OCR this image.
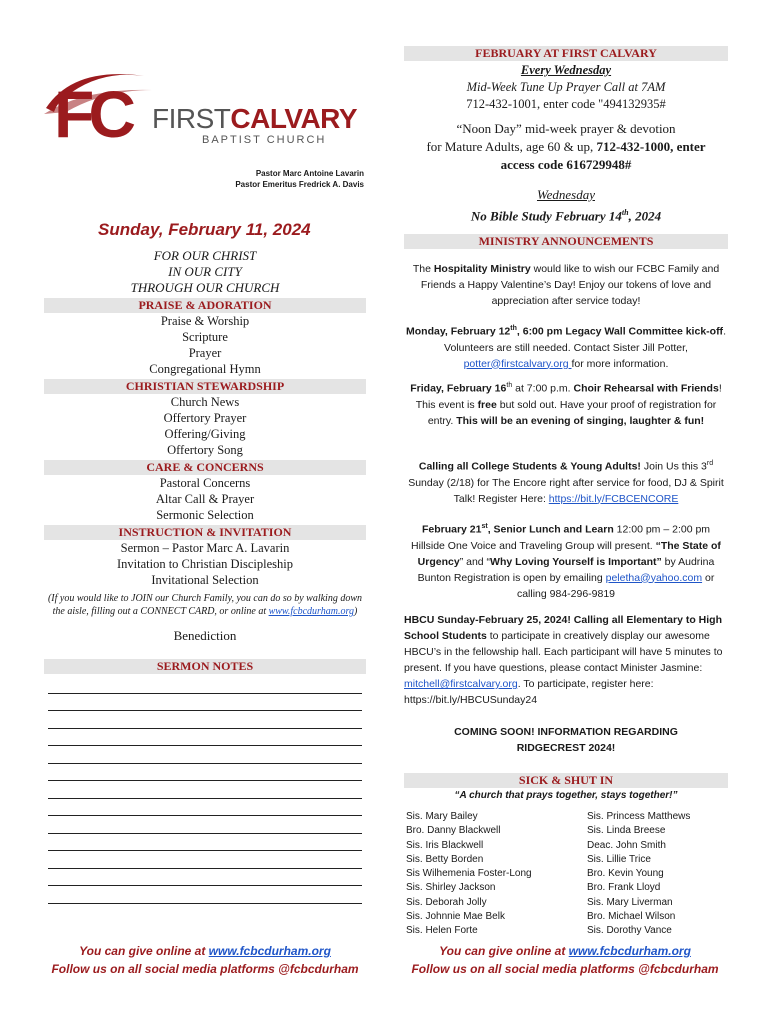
FC FIRSTCALVARY
BAPTIST CHURCH
Pastor Marc Antoine Lavarin
Pastor Emeritus Fredrick A. Davis
Sunday, February 11, 2024
FOR OUR CHRIST
IN OUR CITY
THROUGH OUR CHURCH
PRAISE & ADORATION
Praise & Worship
Scripture
Prayer
Congregational Hymn
CHRISTIAN STEWARDSHIP
Church News
Offertory Prayer
Offering/Giving
Offertory Song
CARE & CONCERNS
Pastoral Concerns
Altar Call & Prayer
Sermonic Selection
INSTRUCTION & INVITATION
Sermon – Pastor Marc A. Lavarin
Invitation to Christian Discipleship
Invitational Selection
(If you would like to JOIN our Church Family, you can do so by walking down the aisle, filling out a CONNECT CARD, or online at www.fcbcdurham.org)
Benediction
SERMON NOTES
You can give online at www.fcbcdurham.org
Follow us on all social media platforms @fcbcdurham
FEBRUARY AT FIRST CALVARY
Every Wednesday
Mid-Week Tune Up Prayer Call at 7AM
712-432-1001, enter code "494132935#
“Noon Day” mid-week prayer & devotion
for Mature Adults, age 60 & up, 712-432-1000, enter
access code 616729948#
Wednesday
No Bible Study February 14th, 2024
MINISTRY ANNOUNCEMENTS
The Hospitality Ministry would like to wish our FCBC Family and Friends a Happy Valentine’s Day! Enjoy our tokens of love and appreciation after service today!
Monday, February 12th, 6:00 pm Legacy Wall Committee kick-off. Volunteers are still needed. Contact Sister Jill Potter, potter@firstcalvary.org for more information.
Friday, February 16th at 7:00 p.m. Choir Rehearsal with Friends! This event is free but sold out. Have your proof of registration for entry. This will be an evening of singing, laughter & fun!
Calling all College Students & Young Adults! Join Us this 3rd Sunday (2/18) for The Encore right after service for food, DJ & Spirit Talk! Register Here: https://bit.ly/FCBCENCORE
February 21st, Senior Lunch and Learn 12:00 pm – 2:00 pm Hillside One Voice and Traveling Group will present. “The State of Urgency” and “Why Loving Yourself is Important” by Audrina Bunton Registration is open by emailing peletha@yahoo.com or calling 984-296-9819
HBCU Sunday-February 25, 2024! Calling all Elementary to High School Students to participate in creatively display our awesome HBCU’s in the fellowship hall. Each participant will have 5 minutes to present. If you have questions, please contact Minister Jasmine: mitchell@firstcalvary.org. To participate, register here: https://bit.ly/HBCUSunday24
COMING SOON! INFORMATION REGARDING RIDGECREST 2024!
SICK & SHUT IN
“A church that prays together, stays together!”
Sis. Mary Bailey
Bro. Danny Blackwell
Sis. Iris Blackwell
Sis. Betty Borden
Sis Wilhemenia Foster-Long
Sis. Shirley Jackson
Sis. Deborah Jolly
Sis. Johnnie Mae Belk
Sis. Helen Forte
Sis. Princess Matthews
Sis. Linda Breese
Deac. John Smith
Sis. Lillie Trice
Bro. Kevin Young
Bro. Frank Lloyd
Sis. Mary Liverman
Bro. Michael Wilson
Sis. Dorothy Vance
You can give online at www.fcbcdurham.org
Follow us on all social media platforms @fcbcdurham
